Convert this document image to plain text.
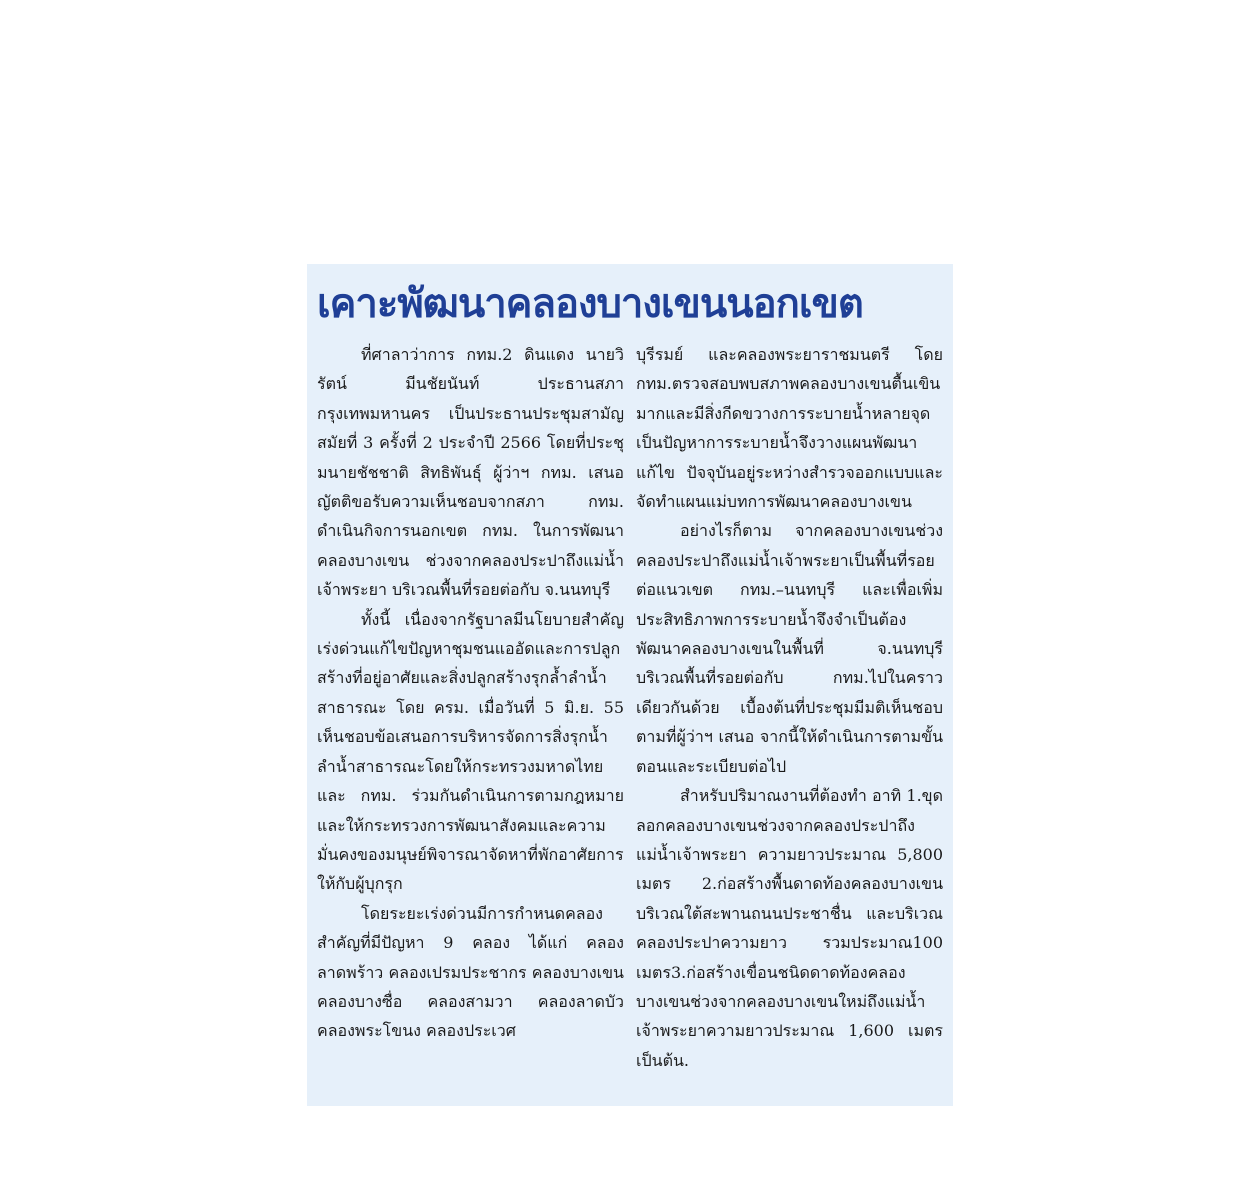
เคาะพัฒนาคลองบางเขนนอกเขต

ที่ศาลาว่าการ กทม.2 ดินแดง นายวิรัตน์ มีนชัยนันท์ ประธานสภากรุงเทพมหานคร เป็นประธานประชุมสามัญ สมัยที่ 3 ครั้งที่ 2 ประจำปี 2566 โดยที่ประชุมนายชัชชาติ สิทธิพันธุ์ ผู้ว่าฯ กทม. เสนอญัตติขอรับความเห็นชอบจากสภา กทม. ดำเนินกิจการนอกเขต กทม. ในการพัฒนาคลองบางเขน ช่วงจากคลองประปาถึงแม่น้ำเจ้าพระยา บริเวณพื้นที่รอยต่อกับ จ.นนทบุรี

ทั้งนี้ เนื่องจากรัฐบาลมีนโยบายสำคัญเร่งด่วนแก้ไขปัญหาชุมชนแออัดและการปลูกสร้างที่อยู่อาศัยและสิ่งปลูกสร้างรุกล้ำลำน้ำสาธารณะ โดย ครม. เมื่อวันที่ 5 มิ.ย. 55 เห็นชอบข้อเสนอการบริหารจัดการสิ่งรุกน้ำลำน้ำสาธารณะโดยให้กระทรวงมหาดไทยและ กทม. ร่วมกันดำเนินการตามกฎหมาย และให้กระทรวงการพัฒนาสังคมและความมั่นคงของมนุษย์พิจารณาจัดหาที่พักอาศัยการให้กับผู้บุกรุก

โดยระยะเร่งด่วนมีการกำหนดคลองสำคัญที่มีปัญหา 9 คลอง ได้แก่ คลองลาดพร้าว คลองเปรมประชากร คลองบางเขน คลองบางซื่อ คลองสามวา คลองลาดบัว คลองพระโขนง คลองประเวศ

บุรีรมย์ และคลองพระยาราชมนตรี โดย กทม.ตรวจสอบพบสภาพคลองบางเขนตื้นเขินมากและมีสิ่งกีดขวางการระบายน้ำหลายจุด เป็นปัญหาการระบายน้ำจึงวางแผนพัฒนา แก้ไข ปัจจุบันอยู่ระหว่างสำรวจออกแบบและจัดทำแผนแม่บทการพัฒนาคลองบางเขน

อย่างไรก็ตาม จากคลองบางเขนช่วงคลองประปาถึงแม่น้ำเจ้าพระยาเป็นพื้นที่รอยต่อแนวเขต กทม.–นนทบุรี และเพื่อเพิ่มประสิทธิภาพการระบายน้ำจึงจำเป็นต้องพัฒนาคลองบางเขนในพื้นที่ จ.นนทบุรี บริเวณพื้นที่รอยต่อกับ กทม.ไปในคราวเดียวกันด้วย เบื้องต้นที่ประชุมมีมติเห็นชอบตามที่ผู้ว่าฯ เสนอ จากนี้ให้ดำเนินการตามขั้นตอนและระเบียบต่อไป

สำหรับปริมาณงานที่ต้องทำ อาทิ 1.ขุดลอกคลองบางเขนช่วงจากคลองประปาถึงแม่น้ำเจ้าพระยา ความยาวประมาณ 5,800 เมตร 2.ก่อสร้างพื้นดาดท้องคลองบางเขนบริเวณใต้สะพานถนนประชาชื่น และบริเวณคลองประปาความยาว รวมประมาณ100 เมตร3.ก่อสร้างเขื่อนชนิดดาดท้องคลองบางเขนช่วงจากคลองบางเขนใหม่ถึงแม่น้ำเจ้าพระยาความยาวประมาณ 1,600 เมตร เป็นต้น.
